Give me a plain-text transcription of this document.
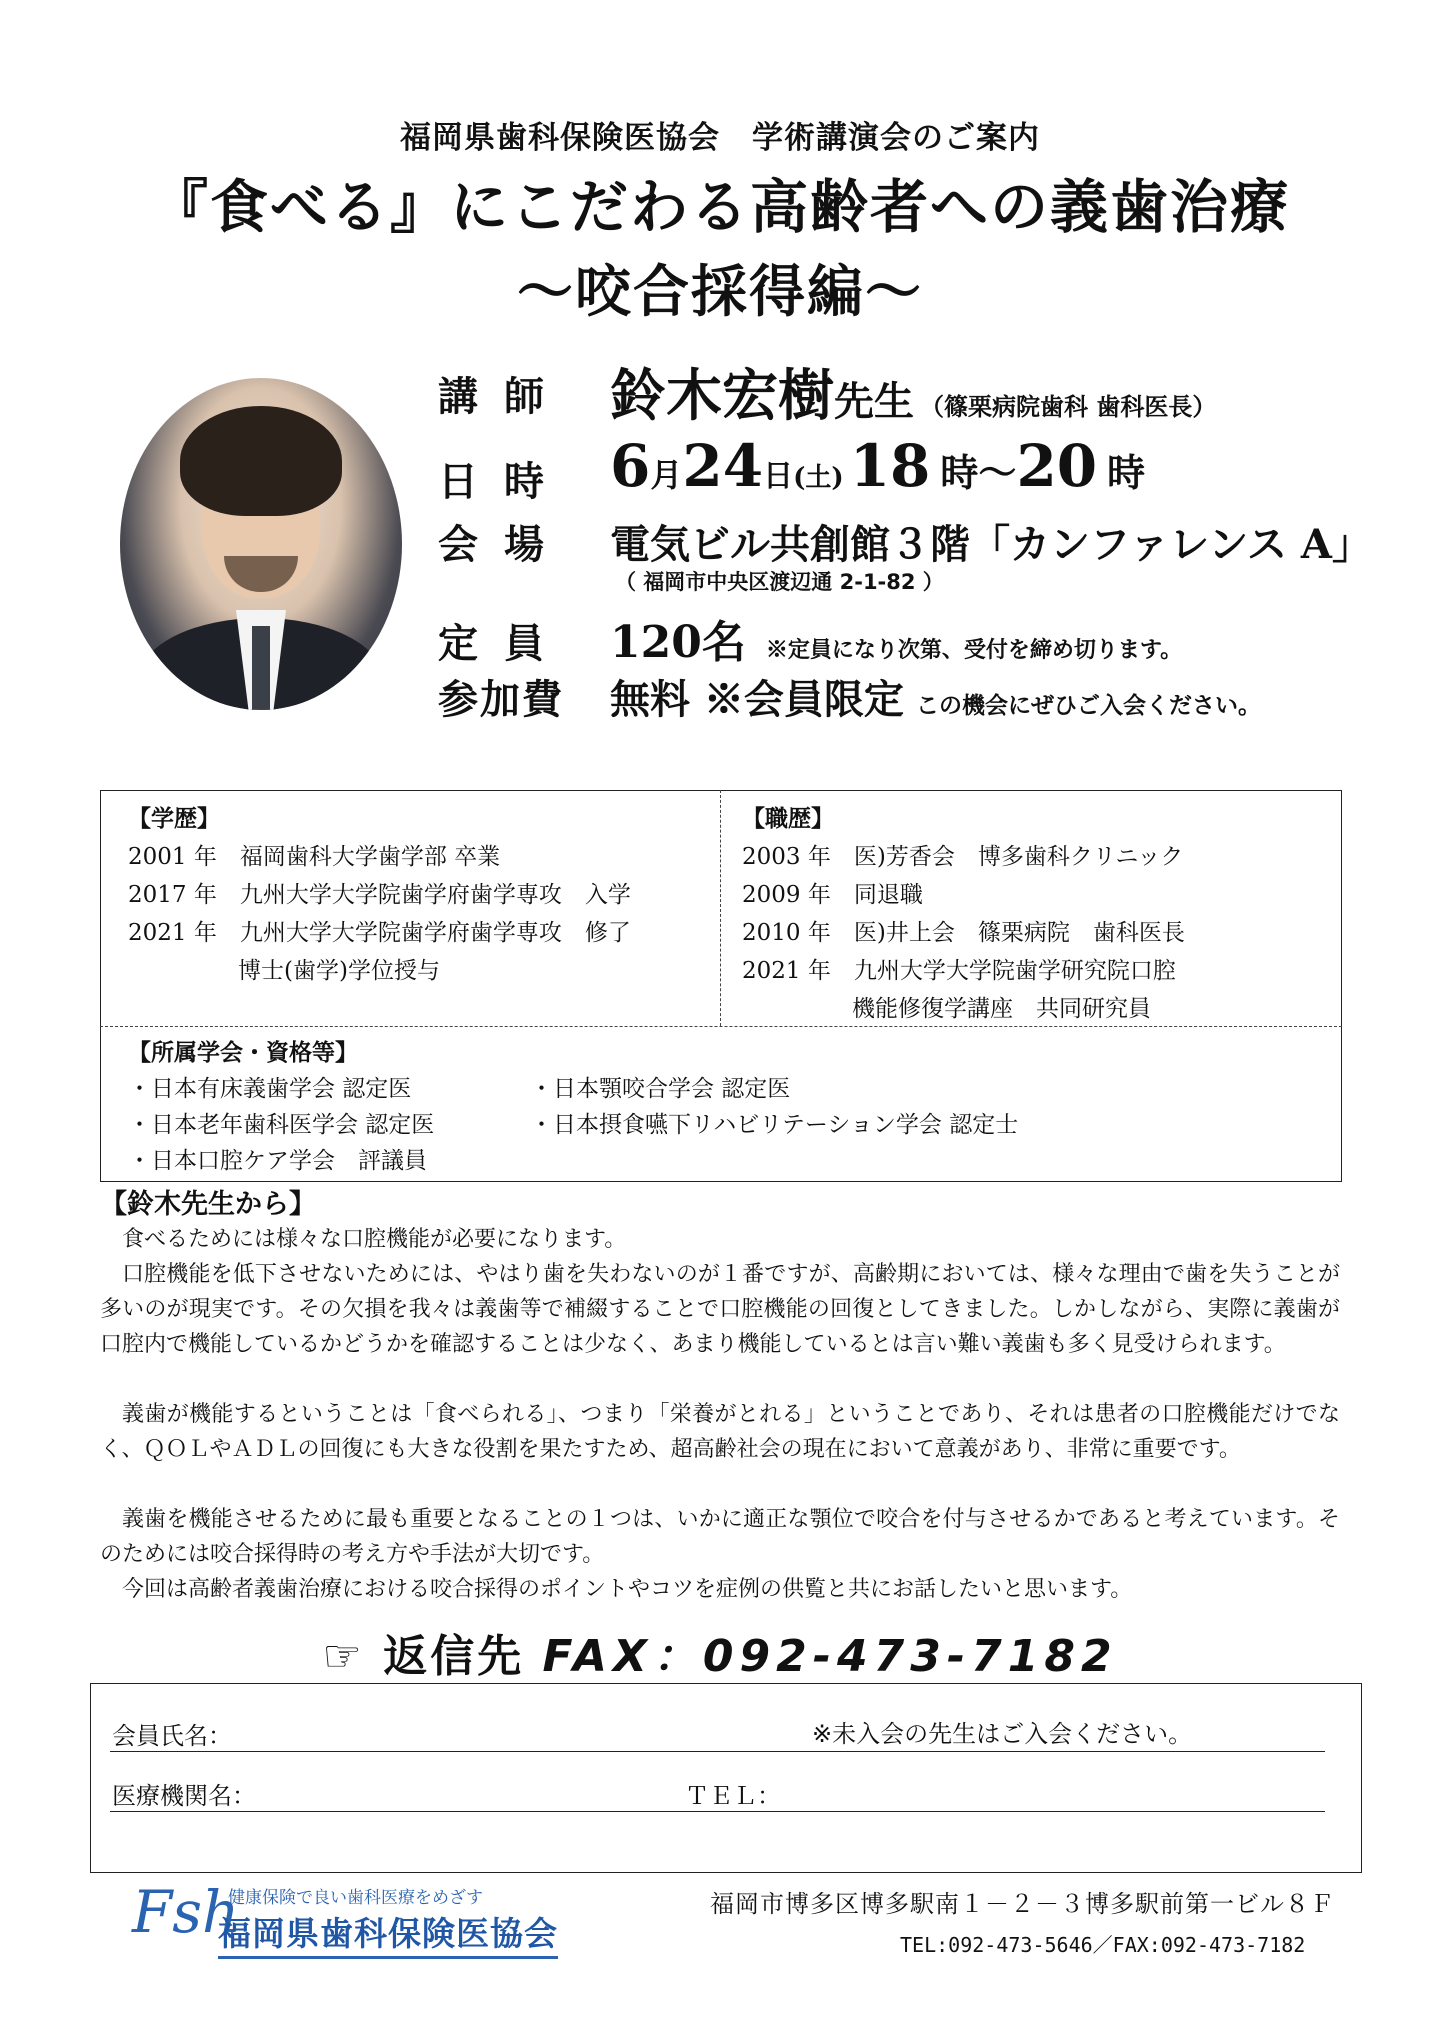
福岡県歯科保険医協会　学術講演会のご案内
『食べる』にこだわる高齢者への義歯治療
～咬合採得編～
講師 鈴木宏樹先生 （篠栗病院歯科 歯科医長）
日時 6月24日(土) 18 時～20 時
会場 電気ビル共創館３階「カンファレンス A」
（ 福岡市中央区渡辺通 2-1-82 ）
定員 120名 ※定員になり次第、受付を締め切ります。
参加費 無料 ※会員限定 この機会にぜひご入会ください。
【学歴】
2001 年　福岡歯科大学歯学部 卒業
2017 年　九州大学大学院歯学府歯学専攻　入学
2021 年　九州大学大学院歯学府歯学専攻　修了
博士(歯学)学位授与
【職歴】
2003 年　医)芳香会　博多歯科クリニック
2009 年　同退職
2010 年　医)井上会　篠栗病院　歯科医長
2021 年　九州大学大学院歯学研究院口腔
機能修復学講座　共同研究員
【所属学会・資格等】
・日本有床義歯学会 認定医
・日本老年歯科医学会 認定医
・日本口腔ケア学会　評議員
・日本顎咬合学会 認定医
・日本摂食嚥下リハビリテーション学会 認定士
【鈴木先生から】
食べるためには様々な口腔機能が必要になります。
口腔機能を低下させないためには、やはり歯を失わないのが１番ですが、高齢期においては、様々な理由で歯を失うことが多いのが現実です。その欠損を我々は義歯等で補綴することで口腔機能の回復としてきました。しかしながら、実際に義歯が口腔内で機能しているかどうかを確認することは少なく、あまり機能しているとは言い難い義歯も多く見受けられます。
義歯が機能するということは「食べられる」、つまり「栄養がとれる」ということであり、それは患者の口腔機能だけでなく、ＱＯＬやＡＤＬの回復にも大きな役割を果たすため、超高齢社会の現在において意義があり、非常に重要です。
義歯を機能させるために最も重要となることの１つは、いかに適正な顎位で咬合を付与させるかであると考えています。そのためには咬合採得時の考え方や手法が大切です。
今回は高齢者義歯治療における咬合採得のポイントやコツを症例の供覧と共にお話したいと思います。
☞ 返信先 FAX：092-473-7182
会員氏名：	※未入会の先生はご入会ください。
医療機関名：	ＴＥＬ：
Fsh
健康保険で良い歯科医療をめざす
福岡県歯科保険医協会
福岡市博多区博多駅南１－２－３博多駅前第一ビル８Ｆ
TEL:092-473-5646／FAX:092-473-7182
